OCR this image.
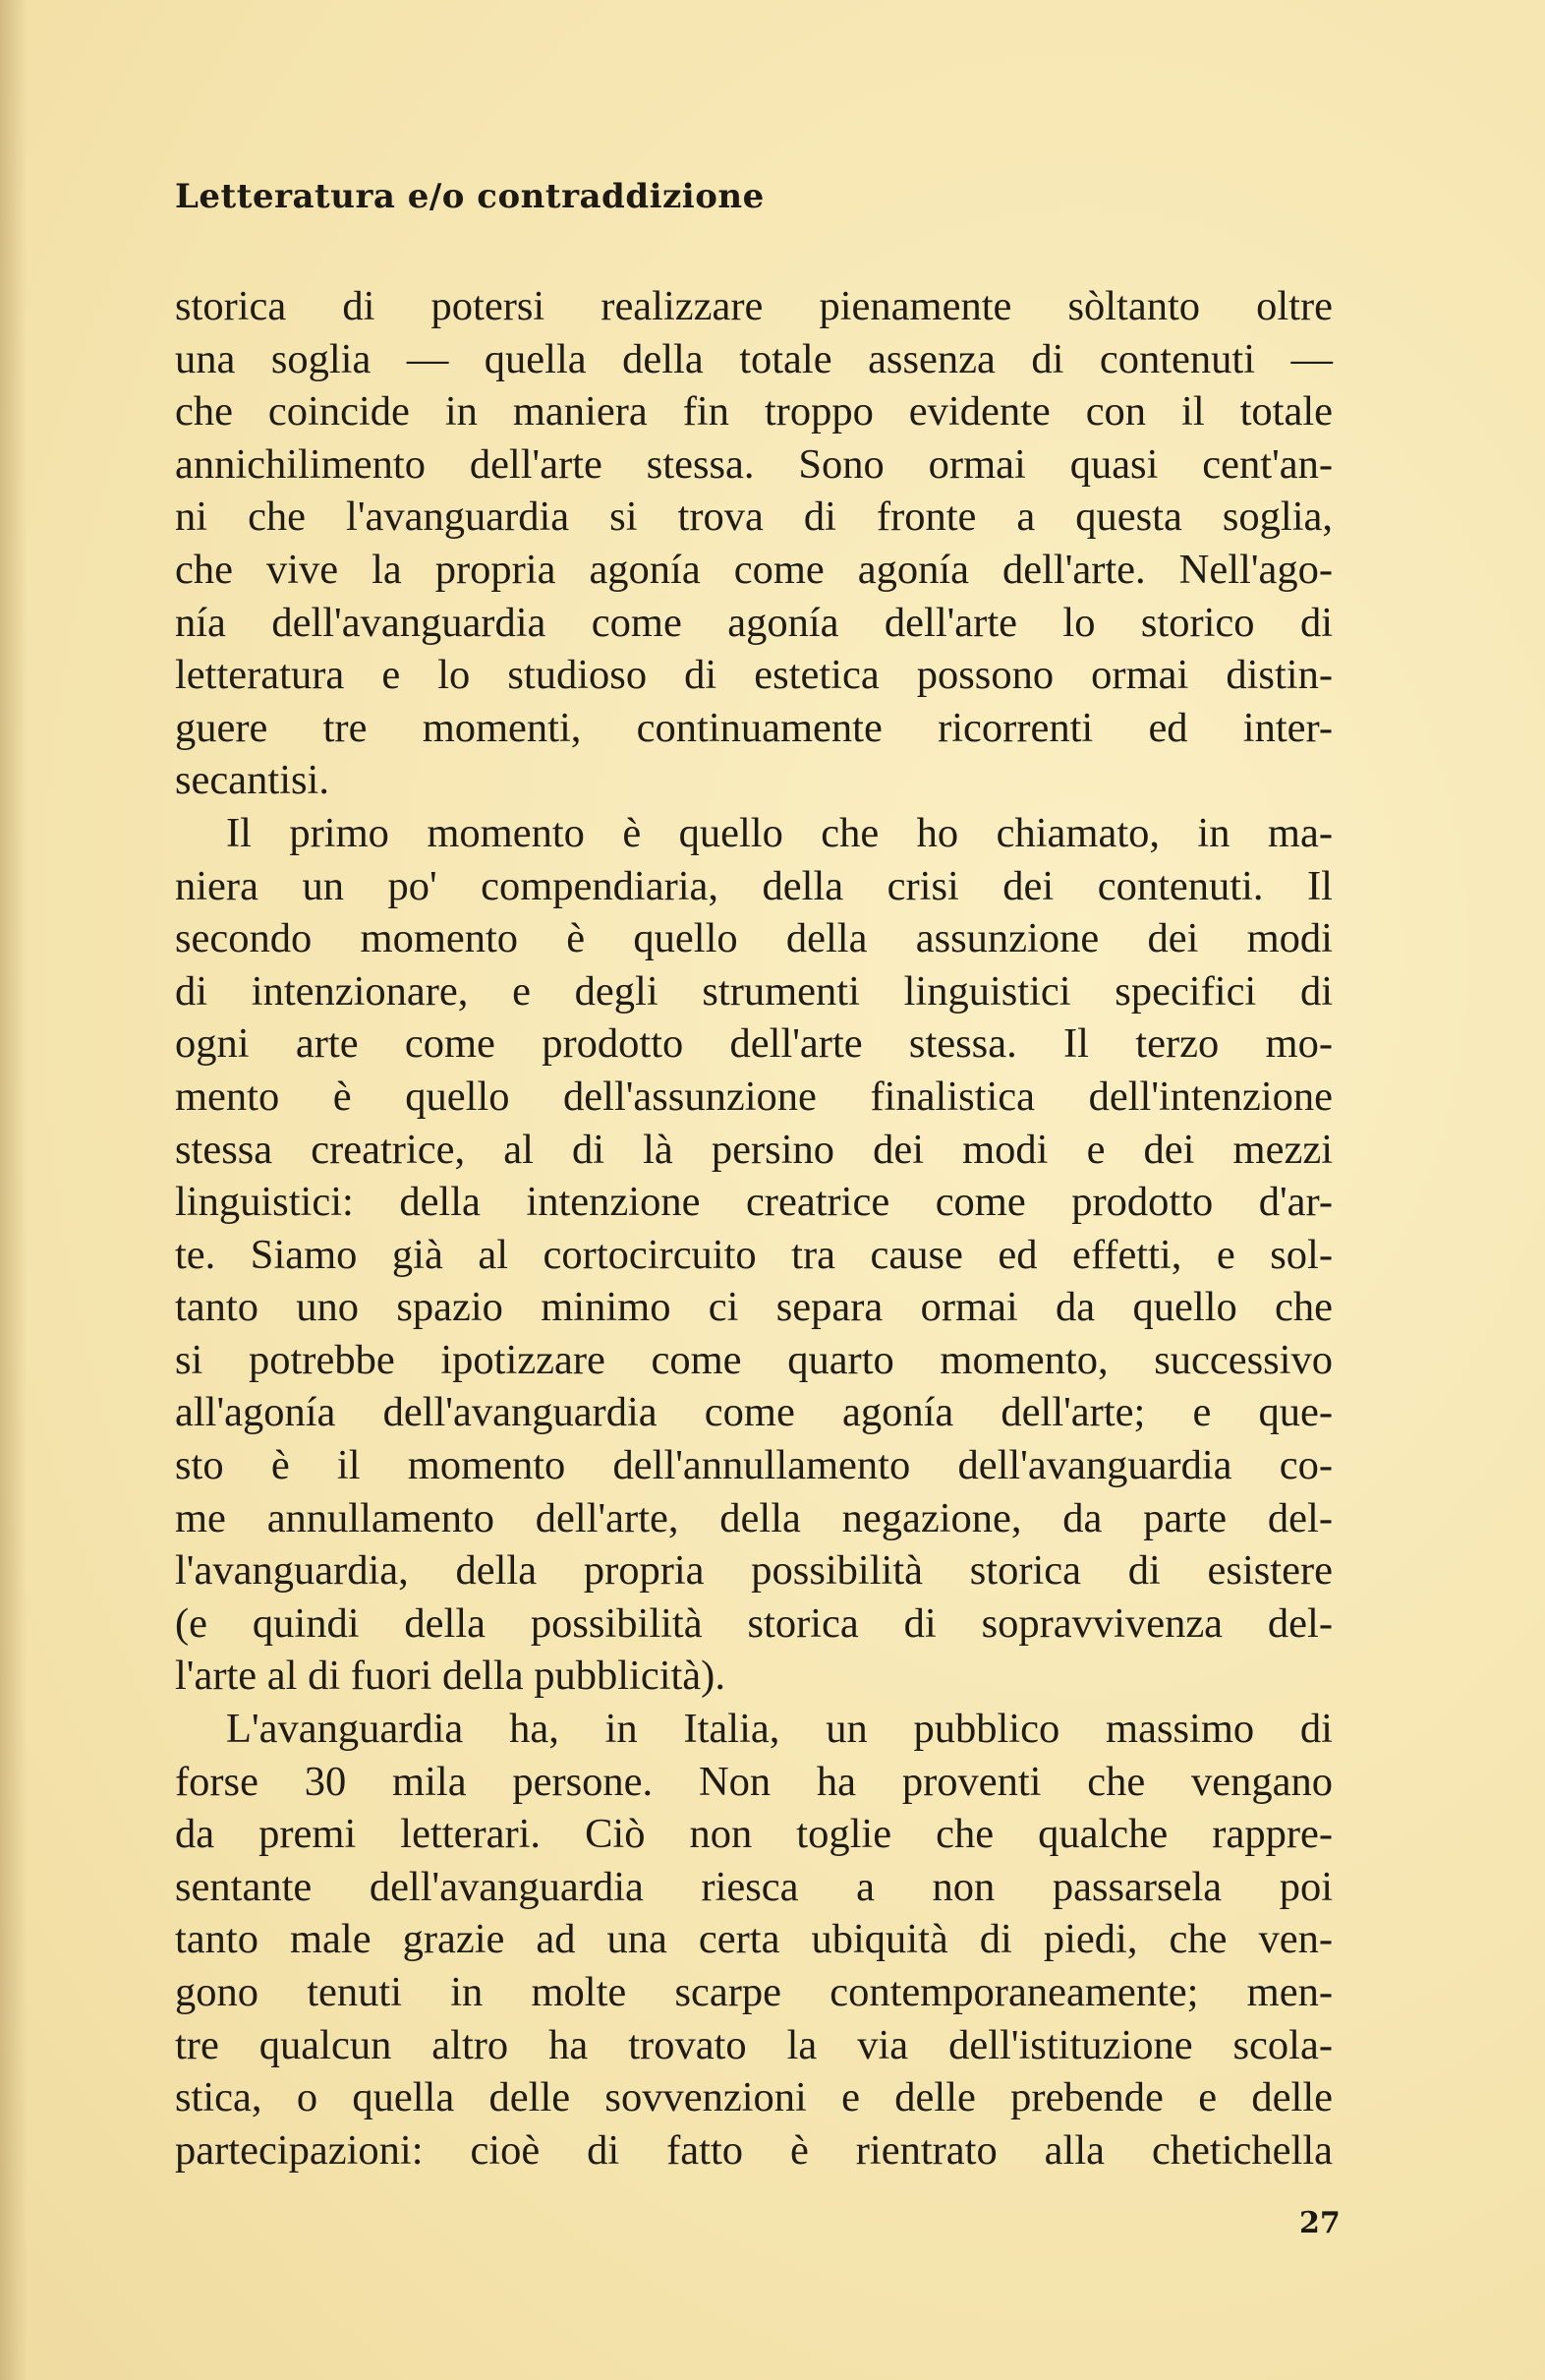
Letteratura e/o contraddizione
storica di potersi realizzare pienamente sòltanto oltre
una soglia — quella della totale assenza di contenuti —
che coincide in maniera fin troppo evidente con il totale
annichilimento dell'arte stessa. Sono ormai quasi cent'an-
ni che l'avanguardia si trova di fronte a questa soglia,
che vive la propria agonía come agonía dell'arte. Nell'ago-
nía dell'avanguardia come agonía dell'arte lo storico di
letteratura e lo studioso di estetica possono ormai distin-
guere tre momenti, continuamente ricorrenti ed inter-
secantisi.
Il primo momento è quello che ho chiamato, in ma-
niera un po' compendiaria, della crisi dei contenuti. Il
secondo momento è quello della assunzione dei modi
di intenzionare, e degli strumenti linguistici specifici di
ogni arte come prodotto dell'arte stessa. Il terzo mo-
mento è quello dell'assunzione finalistica dell'intenzione
stessa creatrice, al di là persino dei modi e dei mezzi
linguistici: della intenzione creatrice come prodotto d'ar-
te. Siamo già al cortocircuito tra cause ed effetti, e sol-
tanto uno spazio minimo ci separa ormai da quello che
si potrebbe ipotizzare come quarto momento, successivo
all'agonía dell'avanguardia come agonía dell'arte; e que-
sto è il momento dell'annullamento dell'avanguardia co-
me annullamento dell'arte, della negazione, da parte del-
l'avanguardia, della propria possibilità storica di esistere
(e quindi della possibilità storica di sopravvivenza del-
l'arte al di fuori della pubblicità).
L'avanguardia ha, in Italia, un pubblico massimo di
forse 30 mila persone. Non ha proventi che vengano
da premi letterari. Ciò non toglie che qualche rappre-
sentante dell'avanguardia riesca a non passarsela poi
tanto male grazie ad una certa ubiquità di piedi, che ven-
gono tenuti in molte scarpe contemporaneamente; men-
tre qualcun altro ha trovato la via dell'istituzione scola-
stica, o quella delle sovvenzioni e delle prebende e delle
partecipazioni: cioè di fatto è rientrato alla chetichella
27
